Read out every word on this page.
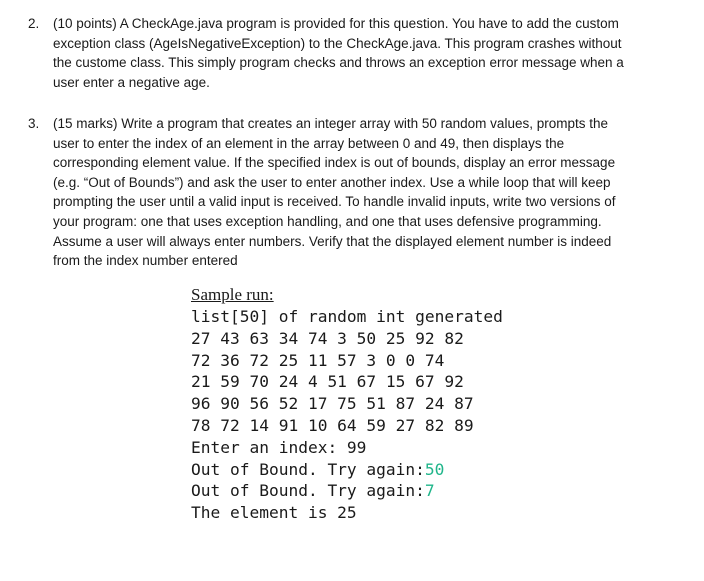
2. (10 points) A CheckAge.java program is provided for this question. You have to add the custom

exception class (AgeIsNegativeException) to the CheckAge.java. This program crashes without

the custome class. This simply program checks and throws an exception error message when a

user enter a negative age.

3. (15 marks) Write a program that creates an integer array with 50 random values, prompts the

user to enter the index of an element in the array between 0 and 49, then displays the

corresponding element value. If the specified index is out of bounds, display an error message

(e.g. “Out of Bounds”) and ask the user to enter another index. Use a while loop that will keep

prompting the user until a valid input is received. To handle invalid inputs, write two versions of

your program: one that uses exception handling, and one that uses defensive programming.

Assume a user will always enter numbers. Verify that the displayed element number is indeed

from the index number entered

Sample run:
list[50] of random int generated
27 43 63 34 74 3 50 25 92 82
72 36 72 25 11 57 3 0 0 74
21 59 70 24 4 51 67 15 67 92
96 90 56 52 17 75 51 87 24 87
78 72 14 91 10 64 59 27 82 89
Enter an index: 99
Out of Bound. Try again:50
Out of Bound. Try again:7
The element is 25
